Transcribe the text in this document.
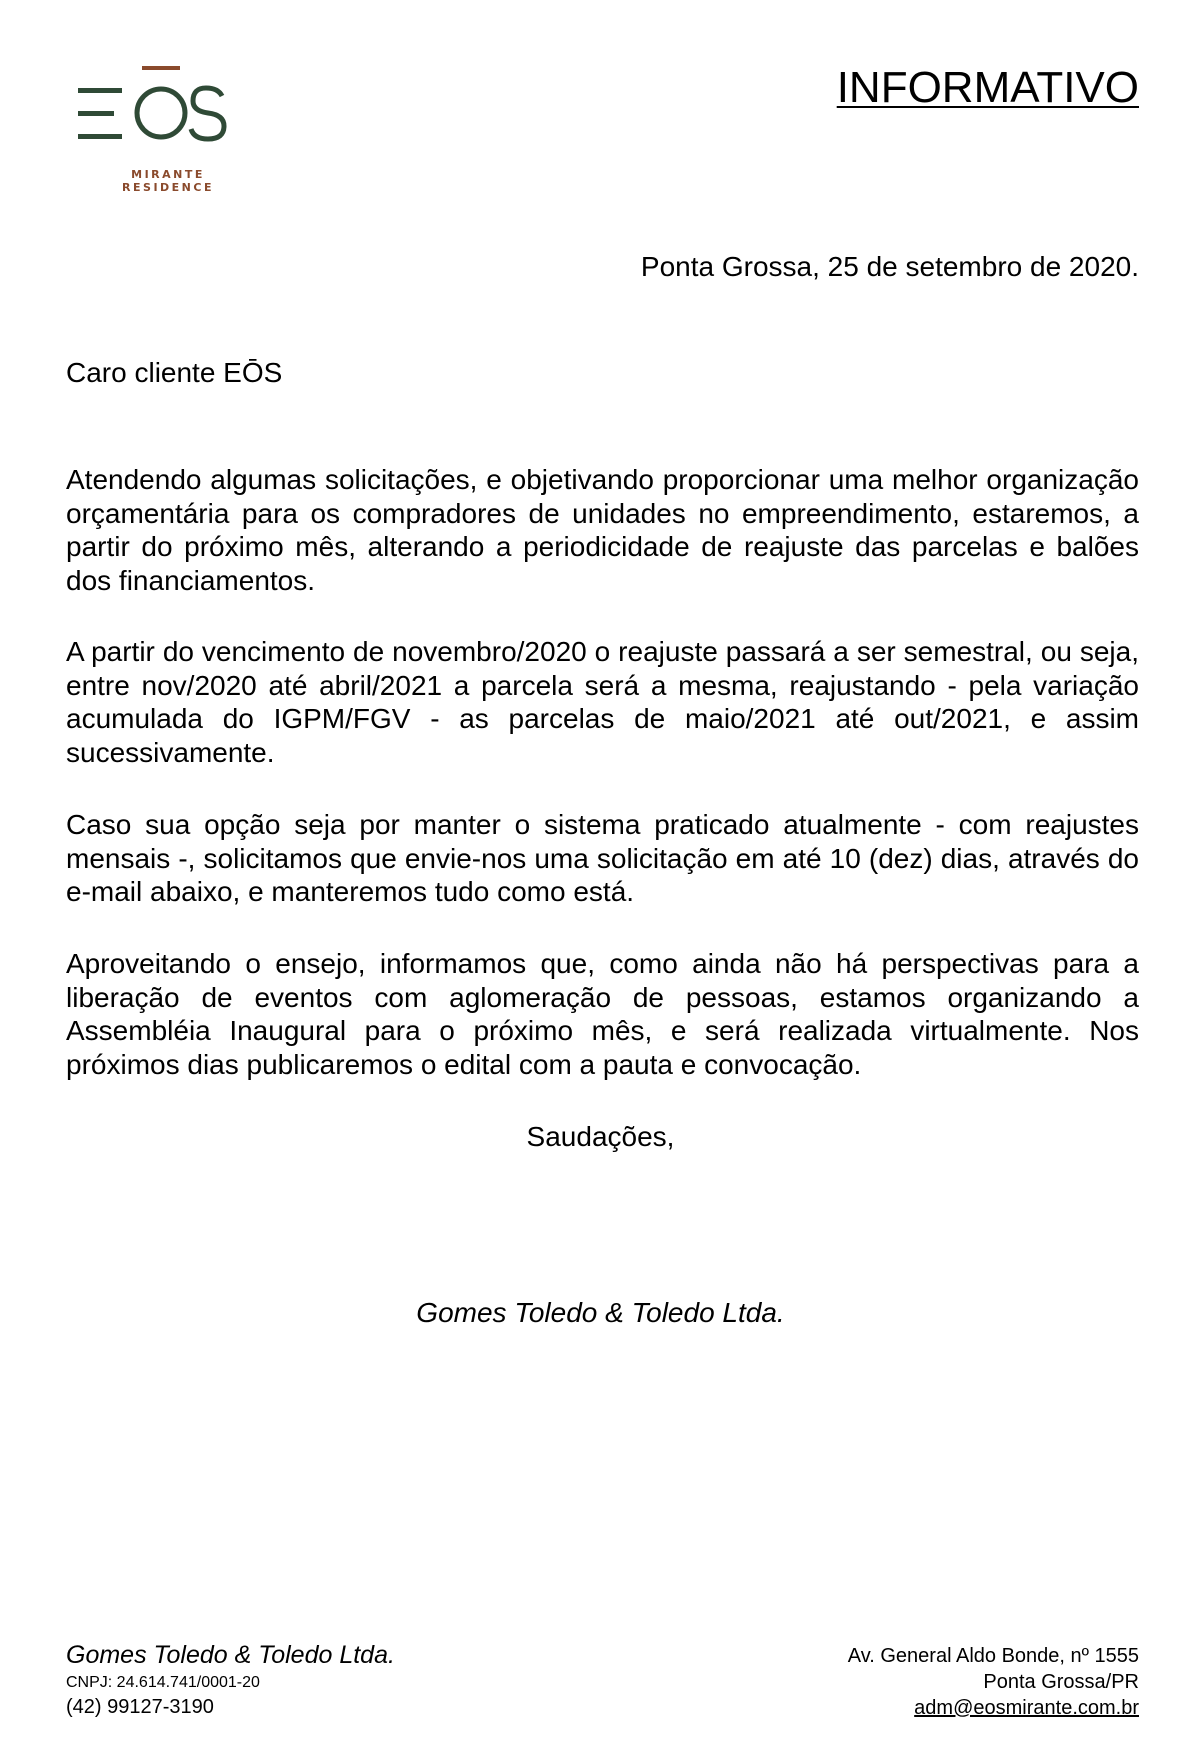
MIRANTE
RESIDENCE
INFORMATIVO
Ponta Grossa, 25 de setembro de 2020.
Caro cliente EŌS

Atendendo algumas solicitações, e objetivando proporcionar uma melhor organização orçamentária para os compradores de unidades no empreendimento, estaremos, a partir do próximo mês, alterando a periodicidade de reajuste das parcelas e balões dos financiamentos.

A partir do vencimento de novembro/2020 o reajuste passará a ser semestral, ou seja, entre nov/2020 até abril/2021 a parcela será a mesma, reajustando - pela variação acumulada do IGPM/FGV - as parcelas de maio/2021 até out/2021, e assim sucessivamente.

Caso sua opção seja por manter o sistema praticado atualmente - com reajustes mensais -, solicitamos que envie-nos uma solicitação em até 10 (dez) dias, através do e-mail abaixo, e manteremos tudo como está.

Aproveitando o ensejo, informamos que, como ainda não há perspectivas para a liberação de eventos com aglomeração de pessoas, estamos organizando a Assembléia Inaugural para o próximo mês, e será realizada virtualmente. Nos próximos dias publicaremos o edital com a pauta e convocação.

Saudações,
Gomes Toledo & Toledo Ltda.
Gomes Toledo & Toledo Ltda.
CNPJ: 24.614.741/0001-20
(42) 99127-3190
Av. General Aldo Bonde, nº 1555
Ponta Grossa/PR
adm@eosmirante.com.br
